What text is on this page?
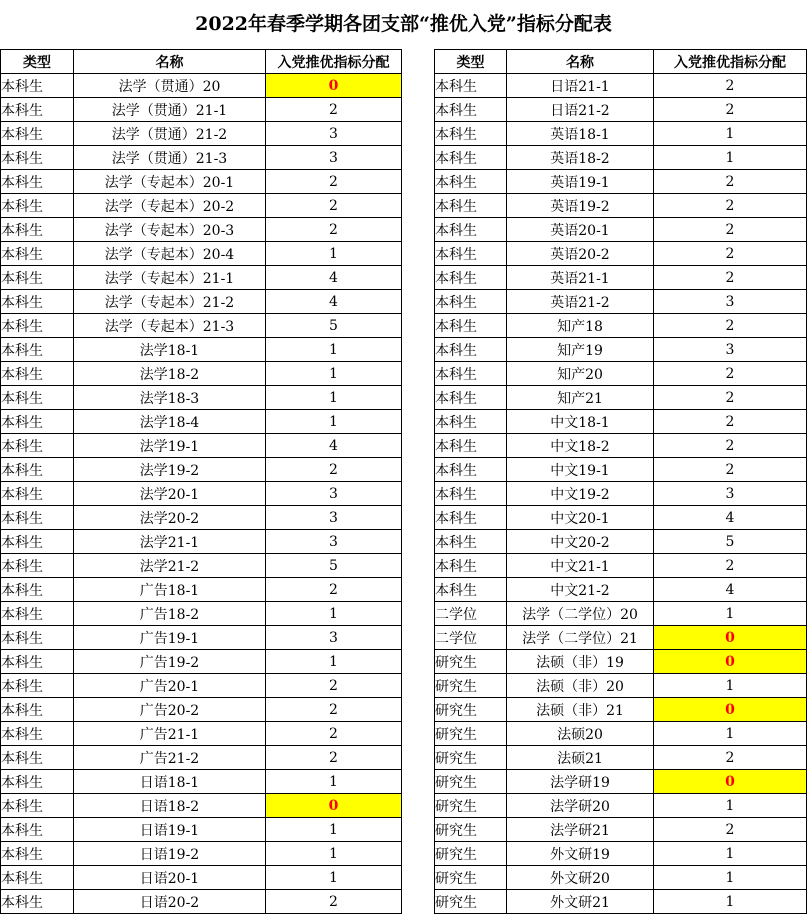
2022年春季学期各团支部“推优入党”指标分配表
类型	名称	入党推优指标分配
本科生	法学（贯通）20	0
本科生	法学（贯通）21-1	2
本科生	法学（贯通）21-2	3
本科生	法学（贯通）21-3	3
本科生	法学（专起本）20-1	2
本科生	法学（专起本）20-2	2
本科生	法学（专起本）20-3	2
本科生	法学（专起本）20-4	1
本科生	法学（专起本）21-1	4
本科生	法学（专起本）21-2	4
本科生	法学（专起本）21-3	5
本科生	法学18-1	1
本科生	法学18-2	1
本科生	法学18-3	1
本科生	法学18-4	1
本科生	法学19-1	4
本科生	法学19-2	2
本科生	法学20-1	3
本科生	法学20-2	3
本科生	法学21-1	3
本科生	法学21-2	5
本科生	广告18-1	2
本科生	广告18-2	1
本科生	广告19-1	3
本科生	广告19-2	1
本科生	广告20-1	2
本科生	广告20-2	2
本科生	广告21-1	2
本科生	广告21-2	2
本科生	日语18-1	1
本科生	日语18-2	0
本科生	日语19-1	1
本科生	日语19-2	1
本科生	日语20-1	1
本科生	日语20-2	2
类型	名称	入党推优指标分配
本科生	日语21-1	2
本科生	日语21-2	2
本科生	英语18-1	1
本科生	英语18-2	1
本科生	英语19-1	2
本科生	英语19-2	2
本科生	英语20-1	2
本科生	英语20-2	2
本科生	英语21-1	2
本科生	英语21-2	3
本科生	知产18	2
本科生	知产19	3
本科生	知产20	2
本科生	知产21	2
本科生	中文18-1	2
本科生	中文18-2	2
本科生	中文19-1	2
本科生	中文19-2	3
本科生	中文20-1	4
本科生	中文20-2	5
本科生	中文21-1	2
本科生	中文21-2	4
二学位	法学（二学位）20	1
二学位	法学（二学位）21	0
研究生	法硕（非）19	0
研究生	法硕（非）20	1
研究生	法硕（非）21	0
研究生	法硕20	1
研究生	法硕21	2
研究生	法学研19	0
研究生	法学研20	1
研究生	法学研21	2
研究生	外文研19	1
研究生	外文研20	1
研究生	外文研21	1
